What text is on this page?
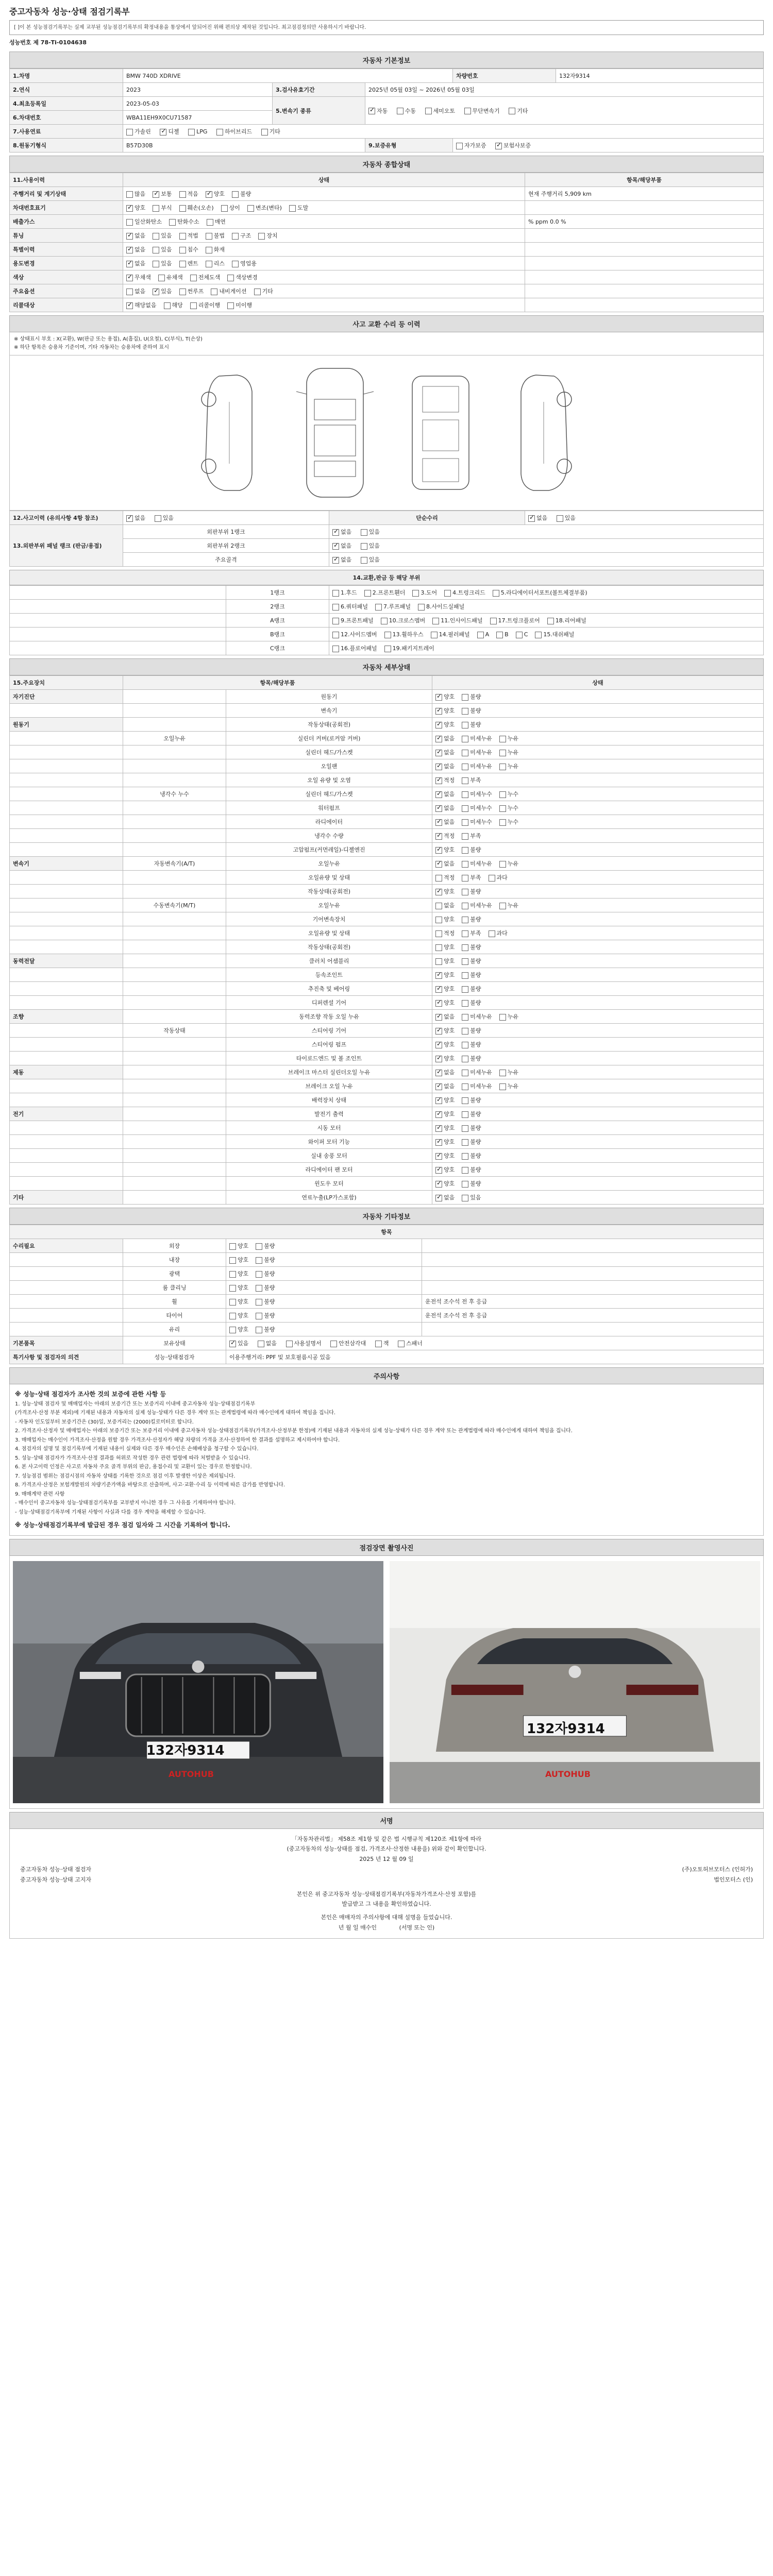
중고자동차 성능·상태 점검기록부
[ ]이 본 성능점검기록부는 실제 교부된 성능점검기록부의 확정내용을 통상에서 앞되어진 위해 편의상 제작된 것입니다. 최고점검정의만 사용하시기 바랍니다.
성능번호 제 78-Ti-0104638
자동차 기본정보
1.차명	BMW 740D XDRIVE			차량번호	132자9314
2.연식	2023	3.검사유효기간	2025년 05월 03일 ~ 2026년 05월 03일		
4.최초등록일	2023-05-03	5.변속기 종류	✓자동 수동 세미오토 무단변속기 기타
6.차대번호	WBA11EH9X0CU71587				
7.사용연료	가솔린 ✓ 디젤 LPG 하이브리드 기타
8.원동기형식	B57D30B		9.보증유형	자가보증 ✓ 보험사보증
자동차 종합상태
11.사용이력	상태	항목/해당부품
주행거리 및 계기상태	많음 ✓ 보통 적음 ✓ 양호 불량	현재 주행거리 5,909 km
차대번호표기	✓양호 부식 훼손(오손) 상이 변조(변타) 도말	
배출가스	일산화탄소 탄화수소 매연	% ppm 0.0 %
튜닝	✓없음 있음 적법 불법 구조 장치	
특별이력	✓없음 있음 침수 화재	
용도변경	✓없음 있음 렌트 리스 영업용	
색상	✓무채색 유채색 전체도색 색상변경	
주요옵션	없음 ✓ 있음 썬루프 내비게이션 기타	
리콜대상	✓해당없음 해당 리콜이행 미이행	
사고 교환 수리 등 이력
※ 상태표시 부호 : X(교환), W(판금 또는 용접), A(흠집), U(요철), C(부식), T(손상)
※ 하단 항목은 승용차 기준이며, 기타 자동차는 승용차에 준하여 표시
12.사고이력 (유의사항 4항 참조)	✓없음 있음	단순수리	✓없음 있음
13.외판부위 패널 랭크 (판금/용접)	외판부위 1랭크	✓없음 있음
	외판부위 2랭크	✓없음 있음
	주요골격	✓없음 있음
14.교환,판금 등 해당 부위
	1랭크	1.후드 2.프론트휀더 3.도어 4.트렁크리드 5.라디에이터서포트(볼트체결부품)
	2랭크	6.쿼터패널 7.루프패널 8.사이드실패널
	A랭크	9.프론트패널 10.크로스멤버 11.인사이드패널 17.트렁크플로어 18.리어패널
	B랭크	12.사이드멤버 13.휠하우스 14.필러패널 A B C 15.대쉬패널
	C랭크	16.플로어패널 19.패키지트레이
자동차 세부상태
15.주요장치	항목/해당부품		상태
자기진단		원동기	✓양호 불량
		변속기	✓양호 불량
원동기		작동상태(공회전)	✓양호 불량
	오일누유	실린더 커버(로커암 커버)	✓없음 미세누유 누유
		실린더 헤드/가스켓	✓없음 미세누유 누유
		오일팬	✓없음 미세누유 누유
		오일 유량 및 오염	✓적정 부족
	냉각수 누수	실린더 헤드/가스켓	✓없음 미세누수 누수
		워터펌프	✓없음 미세누수 누수
		라디에이터	✓없음 미세누수 누수
		냉각수 수량	✓적정 부족
		고압펌프(커먼레일)-디젤엔진	✓양호 불량
변속기	자동변속기(A/T)	오일누유	✓없음 미세누유 누유
		오일유량 및 상태	적정 부족 과다
		작동상태(공회전)	✓양호 불량
	수동변속기(M/T)	오일누유	없음 미세누유 누유
		기어변속장치	양호 불량
		오일유량 및 상태	적정 부족 과다
		작동상태(공회전)	양호 불량
동력전달		클러치 어셈블리	양호 불량
		등속조인트	✓양호 불량
		추진축 및 베어링	✓양호 불량
		디퍼렌셜 기어	✓양호 불량
조향		동력조향 작동 오일 누유	✓없음 미세누유 누유
	작동상태	스티어링 기어	✓양호 불량
		스티어링 펌프	✓양호 불량
		타이로드엔드 및 볼 조인트	✓양호 불량
제동		브레이크 마스터 실린더오일 누유	✓없음 미세누유 누유
		브레이크 오일 누유	✓없음 미세누유 누유
		배력장치 상태	✓양호 불량
전기		발전기 출력	✓양호 불량
		시동 모터	✓양호 불량
		와이퍼 모터 기능	✓양호 불량
		실내 송풍 모터	✓양호 불량
		라디에이터 팬 모터	✓양호 불량
		윈도우 모터	✓양호 불량
기타		연료누출(LP가스포함)	✓없음 있음
자동차 기타정보
항목			
수리필요	외장	양호 불량	
	내장	양호 불량	
	광택	양호 불량	
	룸 클리닝	양호 불량	
	휠	양호 불량	운전석 조수석 전 후 응급
	타이어	양호 불량	운전석 조수석 전 후 응급
	유리	양호 불량	
기본품목	보유상태	✓있음 없음 사용설명서 안전삼각대 잭 스패너
특기사항 및 점검자의 의견	성능·상태점검자	이용주행거리: PPF 및 보호필름시공 있음	
주의사항

※ 성능·상태 점검자가 조사한 것의 보증에 관한 사항 등

1. 성능·상태 점검자 및 매매업자는 아래의 보증기간 또는 보증거리 이내에 중고자동차 성능·상태점검기록부

(가격조사·산정 부분 제외)에 기재된 내용과 자동차의 실제 성능·상태가 다른 경우 계약 또는 관계법령에 따라 매수인에게 대하여 책임을 집니다.

- 자동차 인도일부터 보증기간은 (30)일, 보증거리는 (2000)킬로미터로 합니다.

2. 가격조사·산정자 및 매매업자는 아래의 보증기간 또는 보증거리 이내에 중고자동차 성능·상태점검기록부(가격조사·산정부분 한정)에 기재된 내용과 자동차의 실제 성능·상태가 다른 경우 계약 또는 관계법령에 따라 매수인에게 대하여 책임을 집니다.

3. 매매업자는 매수인이 가격조사·산정을 원할 경우 가격조사·산정자가 해당 차량의 가격을 조사·산정하여 한 결과를 설명하고 제시하여야 합니다.

4. 점검자의 설명 및 점검기록부에 기재된 내용이 실제와 다른 경우 매수인은 손해배상을 청구할 수 있습니다.

5. 성능·상태 점검자가 가격조사·산정 결과를 허위로 작성한 경우 관련 법령에 따라 처벌받을 수 있습니다.

6. 본 사고이력 인정은 사고로 자동차 주요 골격 부위의 판금, 용접수리 및 교환이 있는 경우로 한정합니다.

7. 성능점검 범위는 점검시점의 자동차 상태를 기록한 것으로 점검 이후 발생한 이상은 제외됩니다.

8. 가격조사·산정은 보험개발원의 차량기준가액을 바탕으로 산출하며, 사고·교환·수리 등 이력에 따른 감가를 반영합니다.

9. 매매계약 관련 사항

- 매수인이 중고자동차 성능·상태점검기록부를 교부받지 아니한 경우 그 사유를 기재하여야 합니다.

- 성능·상태점검기록부에 기재된 사항이 사실과 다를 경우 계약을 해제할 수 있습니다.

※ 성능·상태점검기록부에 발급된 경우 점검 일자와 그 시간을 기록하여 합니다.

점검장면 촬영사진
132자9314
AUTOHUB
132자9314
AUTOHUB
서명
「자동차관리법」 제58조 제1항 및 같은 법 시행규칙 제120조 제1항에 따라
(중고자동차의 성능·상태를 점검, 가격조사·산정한 내용을) 위와 같이 확인합니다.
2025 년 12 월 09 일
중고자동차 성능·상태 점검자	(주)오토허브모터스 (인허가)
중고자동차 성능·상태 고지자	법인모터스 (인)
본인은 위 중고자동차 성능·상태점검기록부(자동차가격조사·산정 포함)를
발급받고 그 내용을 확인하였습니다.
본인은 매매자의 주의사항에 대해 설명을 들었습니다.
년 월 일 매수인	(서명 또는 인)
